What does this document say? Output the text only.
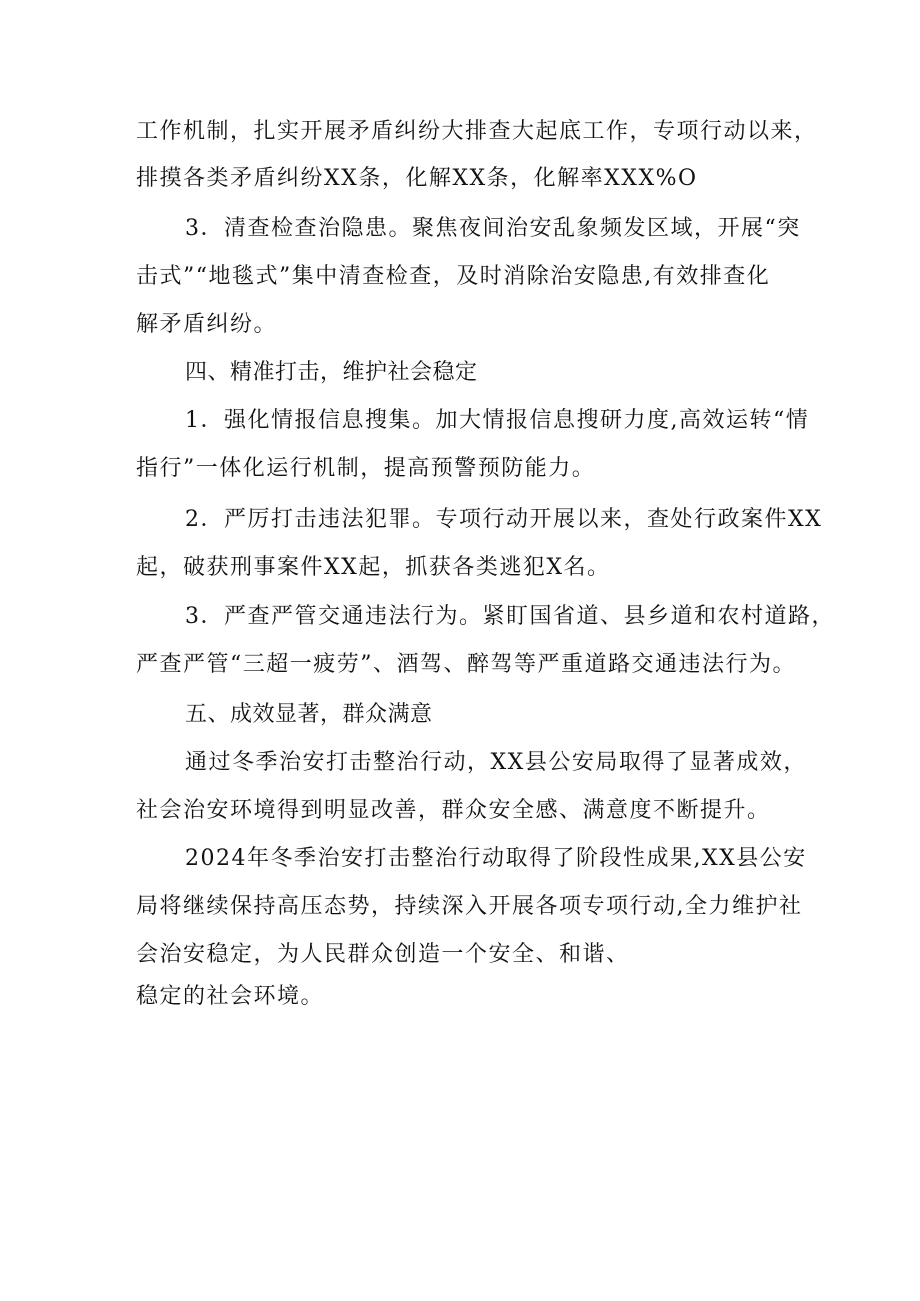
工作机制，扎实开展矛盾纠纷大排查大起底工作，专项行动以来，
排摸各类矛盾纠纷XX条，化解XX条，化解率XXX%O
3．清查检查治隐患。聚焦夜间治安乱象频发区域，开展“突
击式”“地毯式”集中清查检查，及时消除治安隐患,有效排查化
解矛盾纠纷。
四、精准打击，维护社会稳定
1．强化情报信息搜集。加大情报信息搜研力度,高效运转“情
指行”一体化运行机制，提高预警预防能力。
2．严厉打击违法犯罪。专项行动开展以来，查处行政案件XX
起，破获刑事案件XX起，抓获各类逃犯X名。
3．严查严管交通违法行为。紧盯国省道、县乡道和农村道路，
严查严管“三超一疲劳”、酒驾、醉驾等严重道路交通违法行为。
五、成效显著，群众满意
通过冬季治安打击整治行动，XX县公安局取得了显著成效，
社会治安环境得到明显改善，群众安全感、满意度不断提升。
2024年冬季治安打击整治行动取得了阶段性成果,XX县公安
局将继续保持高压态势，持续深入开展各项专项行动,全力维护社
会治安稳定，为人民群众创造一个安全、和谐、
稳定的社会环境。
